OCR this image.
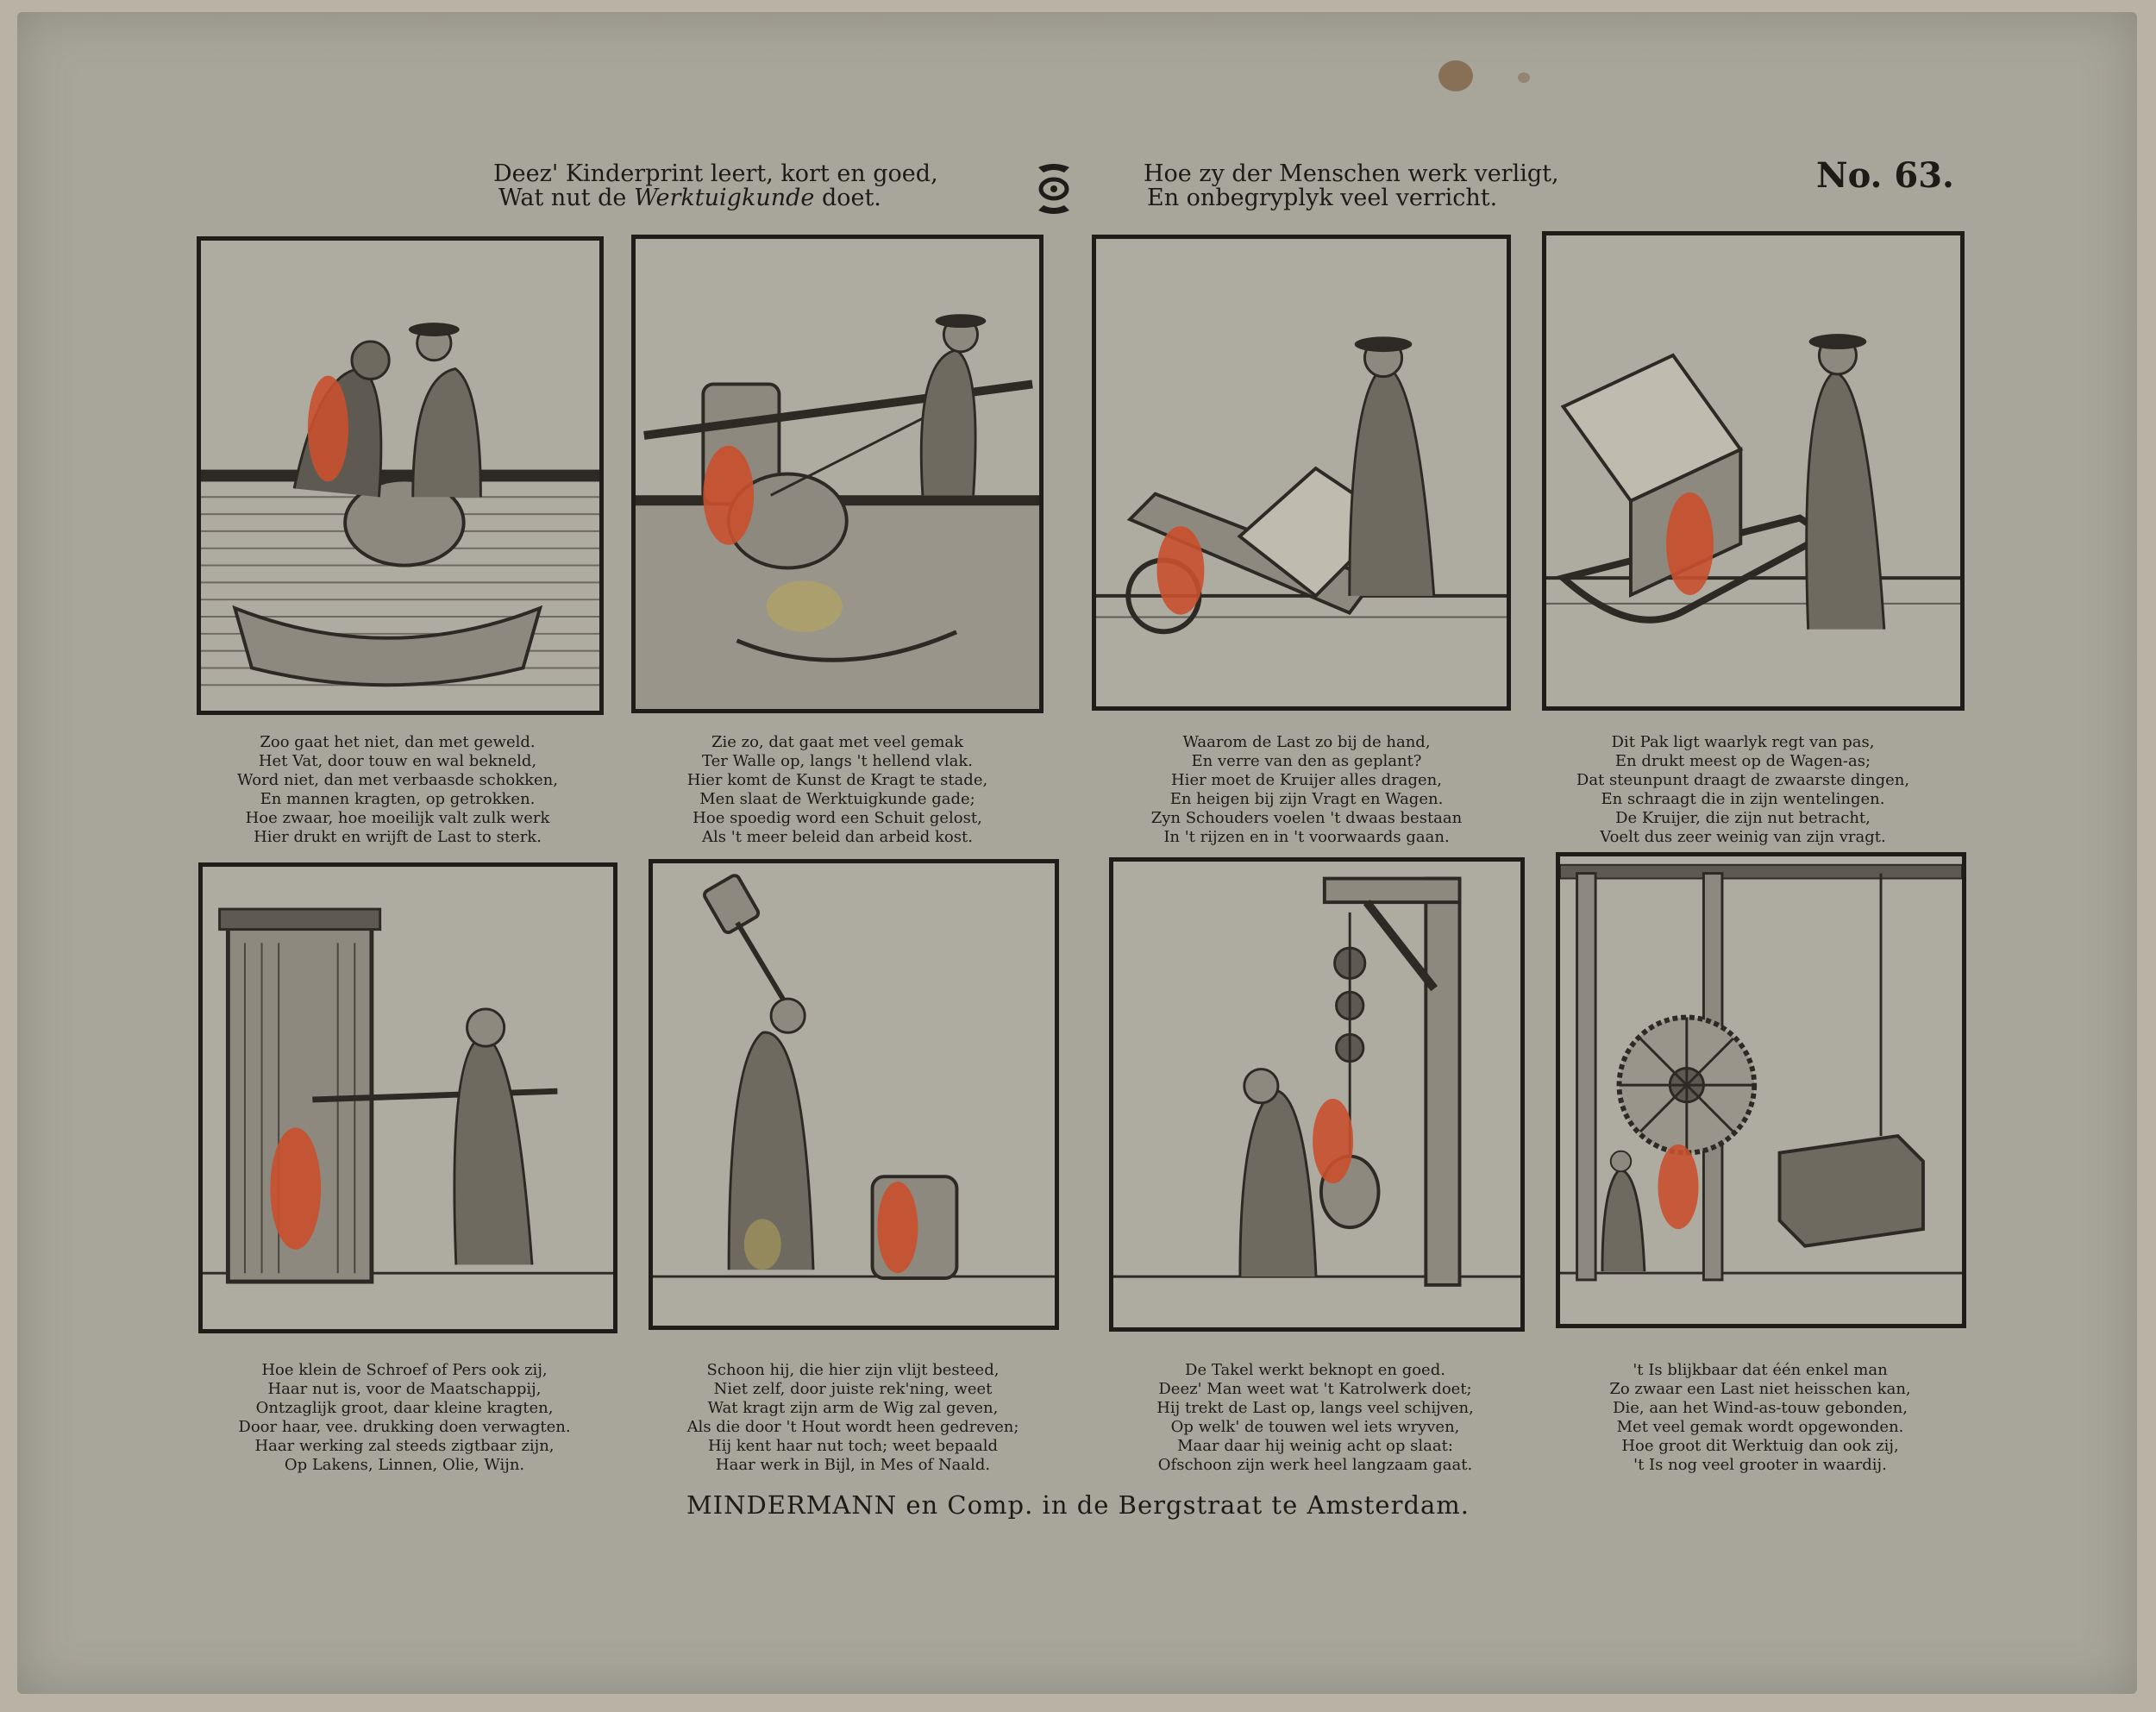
Deez' Kinderprint leert, kort en goed,
Wat nut de Werktuigkunde doet.
Hoe zy der Menschen werk verligt,
En onbegryplyk veel verricht.
No. 63.
Zoo gaat het niet, dan met geweld.
Het Vat, door touw en wal bekneld,
Word niet, dan met verbaasde schokken,
En mannen kragten, op getrokken.
Hoe zwaar, hoe moeilijk valt zulk werk
Hier drukt en wrijft de Last to sterk.
Zie zo, dat gaat met veel gemak
Ter Walle op, langs 't hellend vlak.
Hier komt de Kunst de Kragt te stade,
Men slaat de Werktuigkunde gade;
Hoe spoedig word een Schuit gelost,
Als 't meer beleid dan arbeid kost.
Waarom de Last zo bij de hand,
En verre van den as geplant?
Hier moet de Kruijer alles dragen,
En heigen bij zijn Vragt en Wagen.
Zyn Schouders voelen 't dwaas bestaan
In 't rijzen en in 't voorwaards gaan.
Dit Pak ligt waarlyk regt van pas,
En drukt meest op de Wagen-as;
Dat steunpunt draagt de zwaarste dingen,
En schraagt die in zijn wentelingen.
De Kruijer, die zijn nut betracht,
Voelt dus zeer weinig van zijn vragt.
Hoe klein de Schroef of Pers ook zij,
Haar nut is, voor de Maatschappij,
Ontzaglijk groot, daar kleine kragten,
Door haar, vee. drukking doen verwagten.
Haar werking zal steeds zigtbaar zijn,
Op Lakens, Linnen, Olie, Wijn.
Schoon hij, die hier zijn vlijt besteed,
Niet zelf, door juiste rek'ning, weet
Wat kragt zijn arm de Wig zal geven,
Als die door 't Hout wordt heen gedreven;
Hij kent haar nut toch; weet bepaald
Haar werk in Bijl, in Mes of Naald.
De Takel werkt beknopt en goed.
Deez' Man weet wat 't Katrolwerk doet;
Hij trekt de Last op, langs veel schijven,
Op welk' de touwen wel iets wryven,
Maar daar hij weinig acht op slaat:
Ofschoon zijn werk heel langzaam gaat.
't Is blijkbaar dat één enkel man
Zo zwaar een Last niet heisschen kan,
Die, aan het Wind-as-touw gebonden,
Met veel gemak wordt opgewonden.
Hoe groot dit Werktuig dan ook zij,
't Is nog veel grooter in waardij.
MINDERMANN en Comp. in de Bergstraat te Amsterdam.
